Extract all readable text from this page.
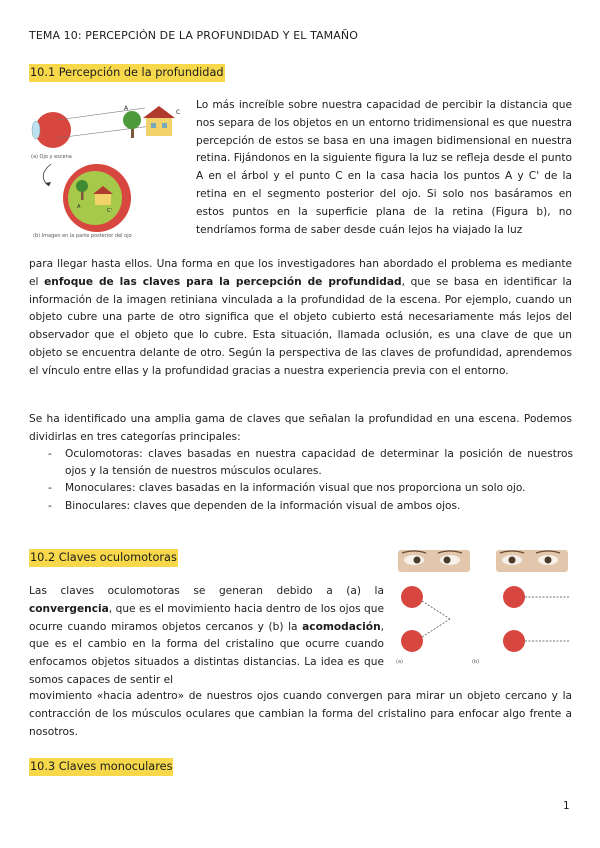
TEMA 10: PERCEPCIÓN DE LA PROFUNDIDAD Y EL TAMAÑO
10.1 Percepción de la profundidad
A
C
(a) Ojo y escena
A
C'
(b) Imagen en la parte posterior del ojo

Lo más increíble sobre nuestra capacidad de percibir la distancia que nos separa de los objetos en un entorno tridimensional es que nuestra percepción de estos se basa en una imagen bidimensional en nuestra retina. Fijándonos en la siguiente figura la luz se refleja desde el punto A en el árbol y el punto C en la casa hacia los puntos A y C' de la retina en el segmento posterior del ojo. Si solo nos basáramos en estos puntos en la superficie plana de la retina (Figura b), no tendríamos forma de saber desde cuán lejos ha viajado la luz

para llegar hasta ellos. Una forma en que los investigadores han abordado el problema es mediante el enfoque de las claves para la percepción de profundidad, que se basa en identificar la información de la imagen retiniana vinculada a la profundidad de la escena. Por ejemplo, cuando un objeto cubre una parte de otro significa que el objeto cubierto está necesariamente más lejos del observador que el objeto que lo cubre. Esta situación, llamada oclusión, es una clave de que un objeto se encuentra delante de otro. Según la perspectiva de las claves de profundidad, aprendemos el vínculo entre ellas y la profundidad gracias a nuestra experiencia previa con el entorno.

Se ha identificado una amplia gama de claves que señalan la profundidad en una escena. Podemos dividirlas en tres categorías principales:

- Oculomotoras: claves basadas en nuestra capacidad de determinar la posición de nuestros ojos y la tensión de nuestros músculos oculares.
- Monoculares: claves basadas en la información visual que nos proporciona un solo ojo.
- Binoculares: claves que dependen de la información visual de ambos ojos.
10.2 Claves oculomotoras
(a)	(b)

Las claves oculomotoras se generan debido a (a) la convergencia, que es el movimiento hacia dentro de los ojos que ocurre cuando miramos objetos cercanos y (b) la acomodación, que es el cambio en la forma del cristalino que ocurre cuando enfocamos objetos situados a distintas distancias. La idea es que somos capaces de sentir el

movimiento «hacia adentro» de nuestros ojos cuando convergen para mirar un objeto cercano y la contracción de los músculos oculares que cambian la forma del cristalino para enfocar algo frente a nosotros.

10.3 Claves monoculares
1
